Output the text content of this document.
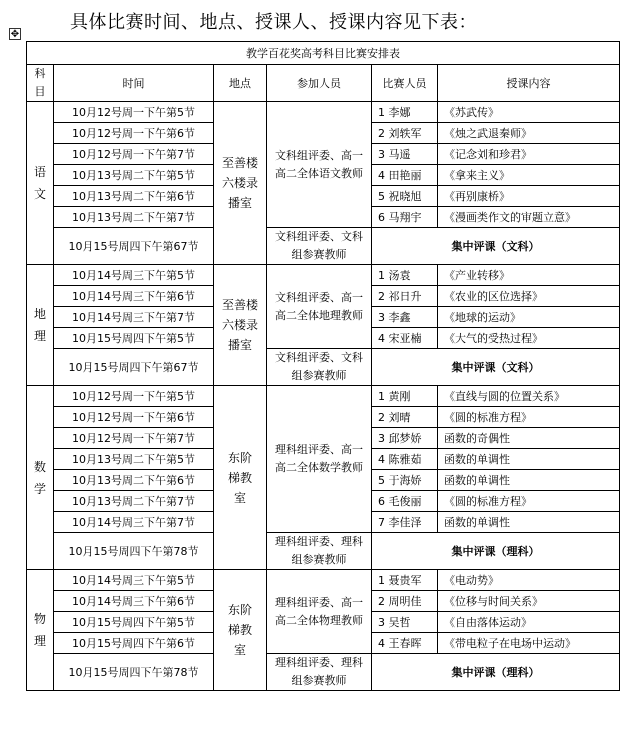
具体比赛时间、地点、授课人、授课内容见下表：
✥
教学百花奖高考科目比赛安排表					
科目	时间	地点	参加人员	比赛人员	授课内容
语文	10月12号周一下午第5节	至善楼六楼录播室	文科组评委、高一高二全体语文教师	1 李娜	《苏武传》
	10月12号周一下午第6节			2 刘轶军	《烛之武退秦师》
	10月12号周一下午第7节			3 马遥	《记念刘和珍君》
	10月13号周二下午第5节			4 田艳丽	《拿来主义》
	10月13号周二下午第6节			5 祝晓旭	《再别康桥》
	10月13号周二下午第7节			6 马翔宇	《漫画类作文的审题立意》
	10月15号周四下午第67节		文科组评委、文科组参赛教师	集中评课（文科）	
地理	10月14号周三下午第5节	至善楼六楼录播室	文科组评委、高一高二全体地理教师	1 汤袁	《产业转移》
	10月14号周三下午第6节			2 祁日升	《农业的区位选择》
	10月14号周三下午第7节			3 李鑫	《地球的运动》
	10月15号周四下午第5节			4 宋亚楠	《大气的受热过程》
	10月15号周四下午第67节		文科组评委、文科组参赛教师	集中评课（文科）	
数学	10月12号周一下午第5节	东阶梯教室	理科组评委、高一高二全体数学教师	1 黄刚	《直线与圆的位置关系》
	10月12号周一下午第6节			2 刘晴	《圆的标准方程》
	10月12号周一下午第7节			3 邱梦娇	函数的奇偶性
	10月13号周二下午第5节			4 陈雅茹	函数的单调性
	10月13号周二下午第6节			5 于海娇	函数的单调性
	10月13号周二下午第7节			6 毛俊丽	《圆的标准方程》
	10月14号周三下午第7节			7 李佳泽	函数的单调性
	10月15号周四下午第78节		理科组评委、理科组参赛教师	集中评课（理科）	
物理	10月14号周三下午第5节	东阶梯教室	理科组评委、高一高二全体物理教师	1 聂贵军	《电动势》
	10月14号周三下午第6节			2 周明佳	《位移与时间关系》
	10月15号周四下午第5节			3 吴哲	《自由落体运动》
	10月15号周四下午第6节			4 王春晖	《带电粒子在电场中运动》
	10月15号周四下午第78节		理科组评委、理科组参赛教师	集中评课（理科）	
